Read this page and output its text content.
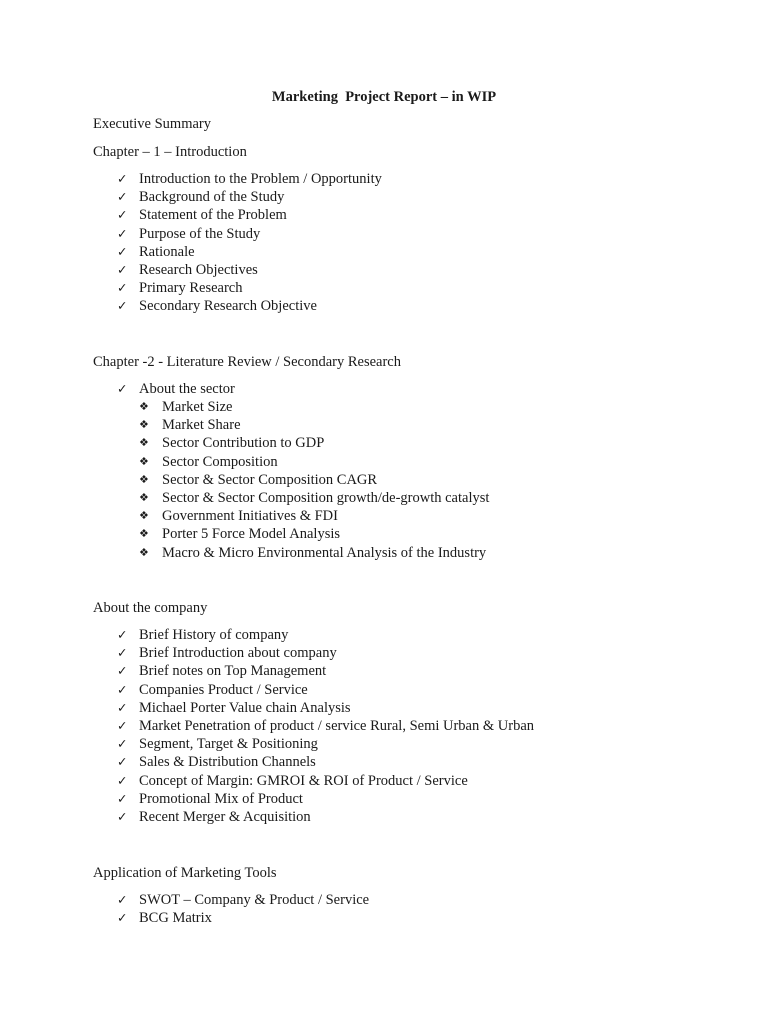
Marketing  Project Report – in WIP
Executive Summary
Chapter – 1 – Introduction
✓ Introduction to the Problem / Opportunity
✓ Background of the Study
✓ Statement of the Problem
✓ Purpose of the Study
✓ Rationale
✓ Research Objectives
✓ Primary Research
✓ Secondary Research Objective
Chapter -2 - Literature Review / Secondary Research
✓ About the sector
❖ Market Size
❖ Market Share
❖ Sector Contribution to GDP
❖ Sector Composition
❖ Sector & Sector Composition CAGR
❖ Sector & Sector Composition growth/de-growth catalyst
❖ Government Initiatives & FDI
❖ Porter 5 Force Model Analysis
❖ Macro & Micro Environmental Analysis of the Industry
About the company
✓ Brief History of company
✓ Brief Introduction about company
✓ Brief notes on Top Management
✓ Companies Product / Service
✓ Michael Porter Value chain Analysis
✓ Market Penetration of product / service Rural, Semi Urban & Urban
✓ Segment, Target & Positioning
✓ Sales & Distribution Channels
✓ Concept of Margin: GMROI & ROI of Product / Service
✓ Promotional Mix of Product
✓ Recent Merger & Acquisition
Application of Marketing Tools
✓ SWOT – Company & Product / Service
✓ BCG Matrix
